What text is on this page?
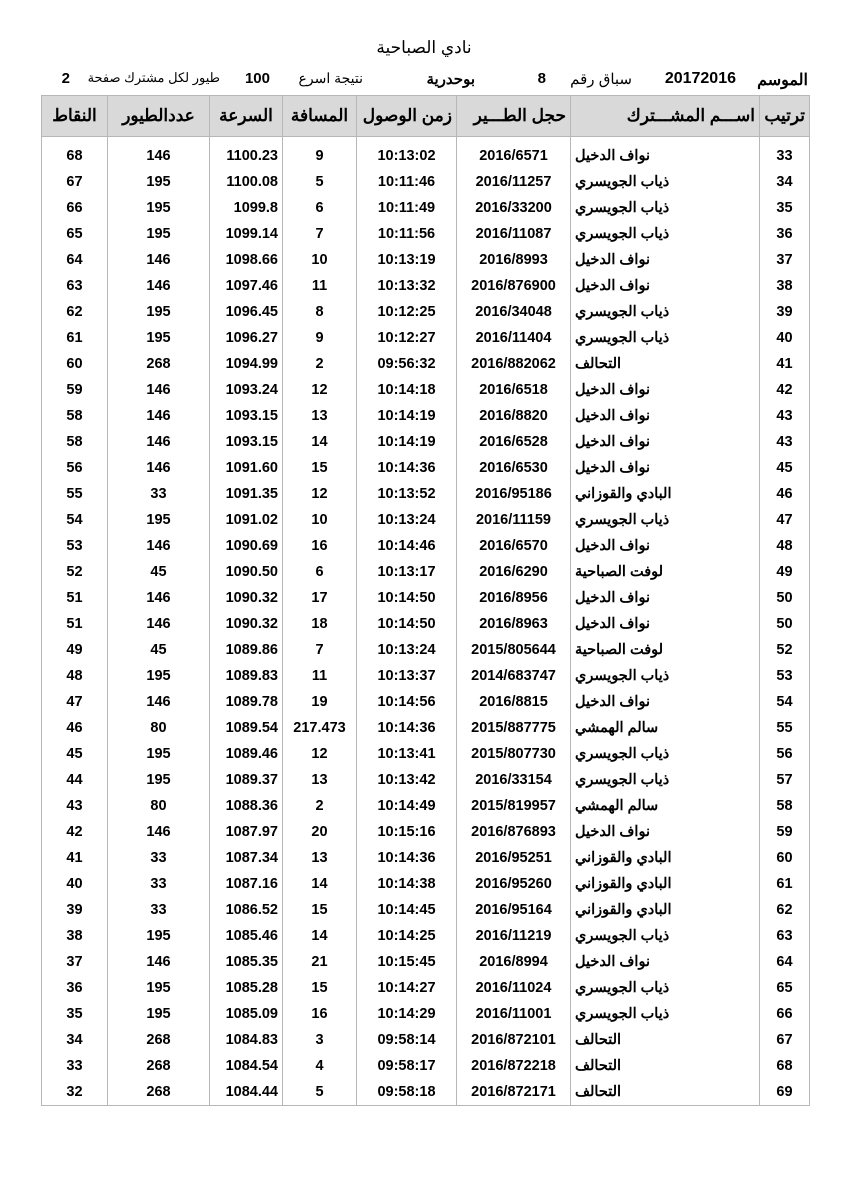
نادي الصباحية
الموسم
20172016
سباق رقم
8
بوحدرية
نتيجة اسرع
100
طيور لكل مشترك صفحة
2
ترتيب	اســـم المشـــترك	حجل الطـــير	زمن الوصول	المسافة	السرعة	عددالطيور	النقاط

33	نواف الدخيل	2016/6571	10:13:02	9	1100.23	146	68
34	ذياب الجويسري	2016/11257	10:11:46	5	1100.08	195	67
35	ذياب الجويسري	2016/33200	10:11:49	6	1099.8	195	66
36	ذياب الجويسري	2016/11087	10:11:56	7	1099.14	195	65
37	نواف الدخيل	2016/8993	10:13:19	10	1098.66	146	64
38	نواف الدخيل	2016/876900	10:13:32	11	1097.46	146	63
39	ذياب الجويسري	2016/34048	10:12:25	8	1096.45	195	62
40	ذياب الجويسري	2016/11404	10:12:27	9	1096.27	195	61
41	التحالف	2016/882062	09:56:32	2	1094.99	268	60
42	نواف الدخيل	2016/6518	10:14:18	12	1093.24	146	59
43	نواف الدخيل	2016/8820	10:14:19	13	1093.15	146	58
43	نواف الدخيل	2016/6528	10:14:19	14	1093.15	146	58
45	نواف الدخيل	2016/6530	10:14:36	15	1091.60	146	56
46	البادي والقوزاني	2016/95186	10:13:52	12	1091.35	33	55
47	ذياب الجويسري	2016/11159	10:13:24	10	1091.02	195	54
48	نواف الدخيل	2016/6570	10:14:46	16	1090.69	146	53
49	لوفت الصباحية	2016/6290	10:13:17	6	1090.50	45	52
50	نواف الدخيل	2016/8956	10:14:50	17	1090.32	146	51
50	نواف الدخيل	2016/8963	10:14:50	18	1090.32	146	51
52	لوفت الصباحية	2015/805644	10:13:24	7	1089.86	45	49
53	ذياب الجويسري	2014/683747	10:13:37	11	1089.83	195	48
54	نواف الدخيل	2016/8815	10:14:56	19	1089.78	146	47
55	سالم الهمشي	2015/887775	10:14:36	217.473	1089.54	80	46
56	ذياب الجويسري	2015/807730	10:13:41	12	1089.46	195	45
57	ذياب الجويسري	2016/33154	10:13:42	13	1089.37	195	44
58	سالم الهمشي	2015/819957	10:14:49	2	1088.36	80	43
59	نواف الدخيل	2016/876893	10:15:16	20	1087.97	146	42
60	البادي والقوزاني	2016/95251	10:14:36	13	1087.34	33	41
61	البادي والقوزاني	2016/95260	10:14:38	14	1087.16	33	40
62	البادي والقوزاني	2016/95164	10:14:45	15	1086.52	33	39
63	ذياب الجويسري	2016/11219	10:14:25	14	1085.46	195	38
64	نواف الدخيل	2016/8994	10:15:45	21	1085.35	146	37
65	ذياب الجويسري	2016/11024	10:14:27	15	1085.28	195	36
66	ذياب الجويسري	2016/11001	10:14:29	16	1085.09	195	35
67	التحالف	2016/872101	09:58:14	3	1084.83	268	34
68	التحالف	2016/872218	09:58:17	4	1084.54	268	33
69	التحالف	2016/872171	09:58:18	5	1084.44	268	32
